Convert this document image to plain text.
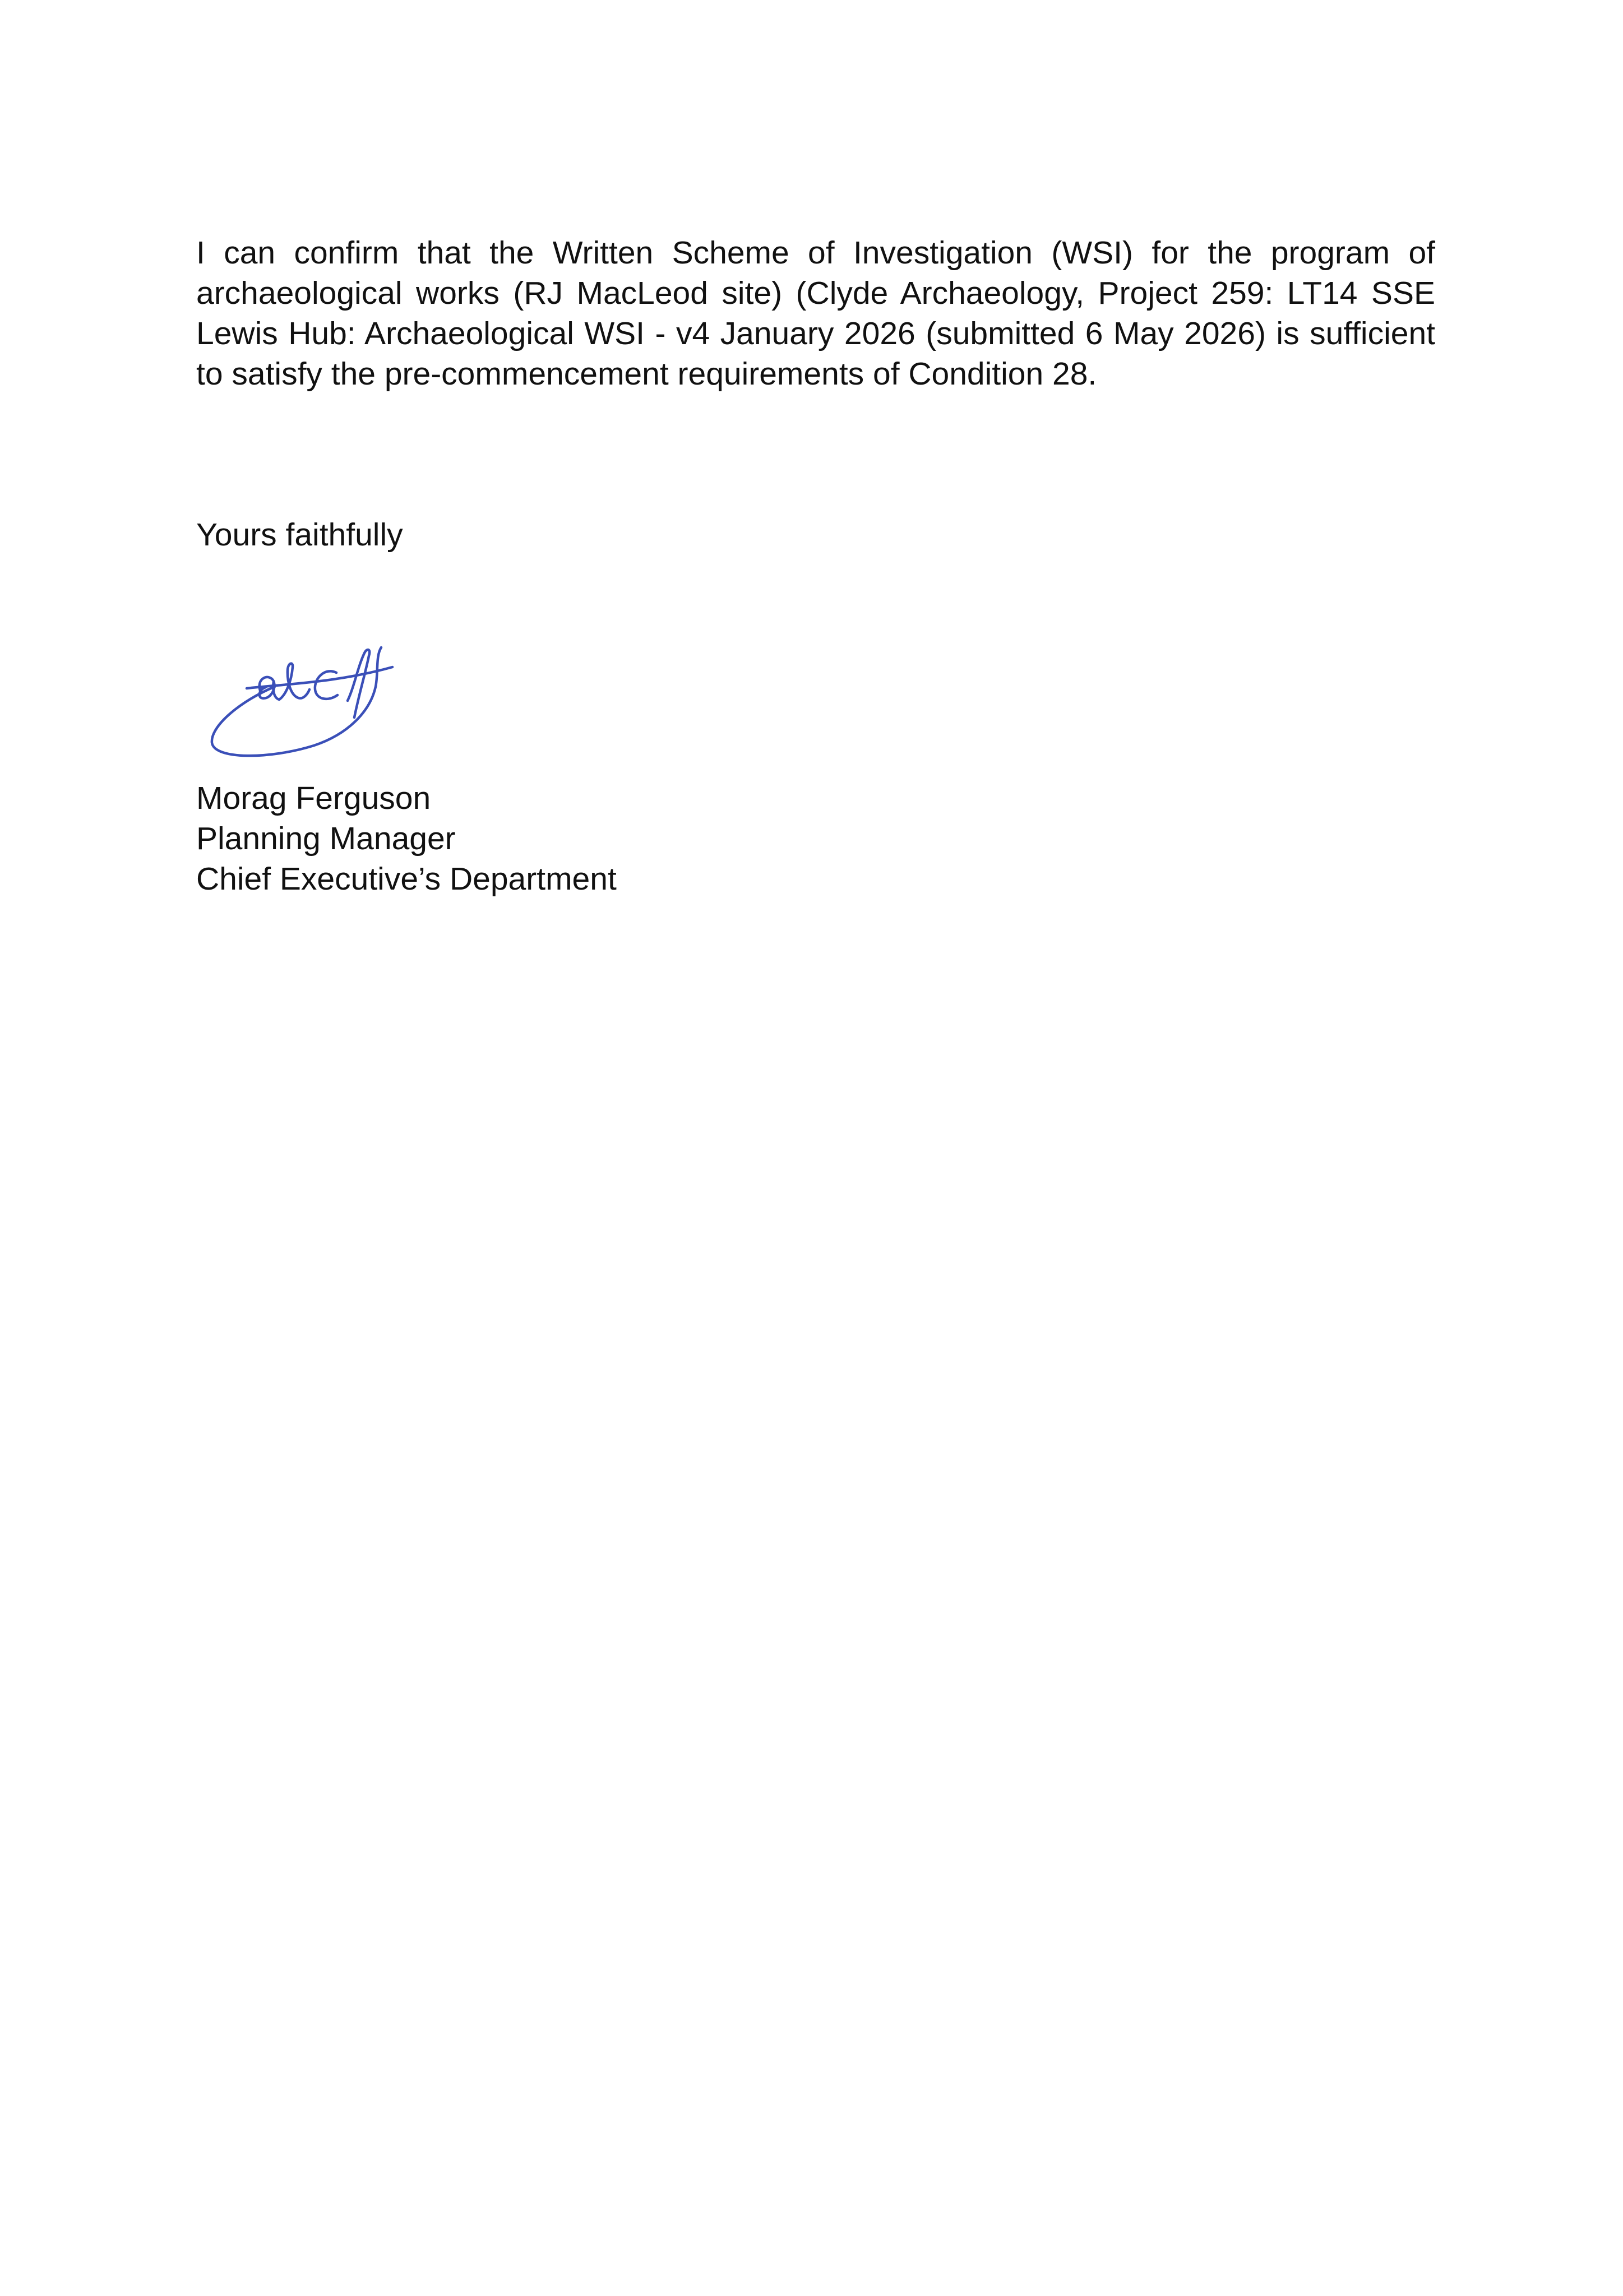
I can confirm that the Written Scheme of Investigation (WSI) for the program of archaeological works (RJ MacLeod site) (Clyde Archaeology, Project 259: LT14 SSE Lewis Hub: Archaeological WSI - v4 January 2026 (submitted 6 May 2026) is sufficient to satisfy the pre-commencement requirements of Condition 28.

Yours faithfully

Morag Ferguson
Planning Manager
Chief Executive’s Department
